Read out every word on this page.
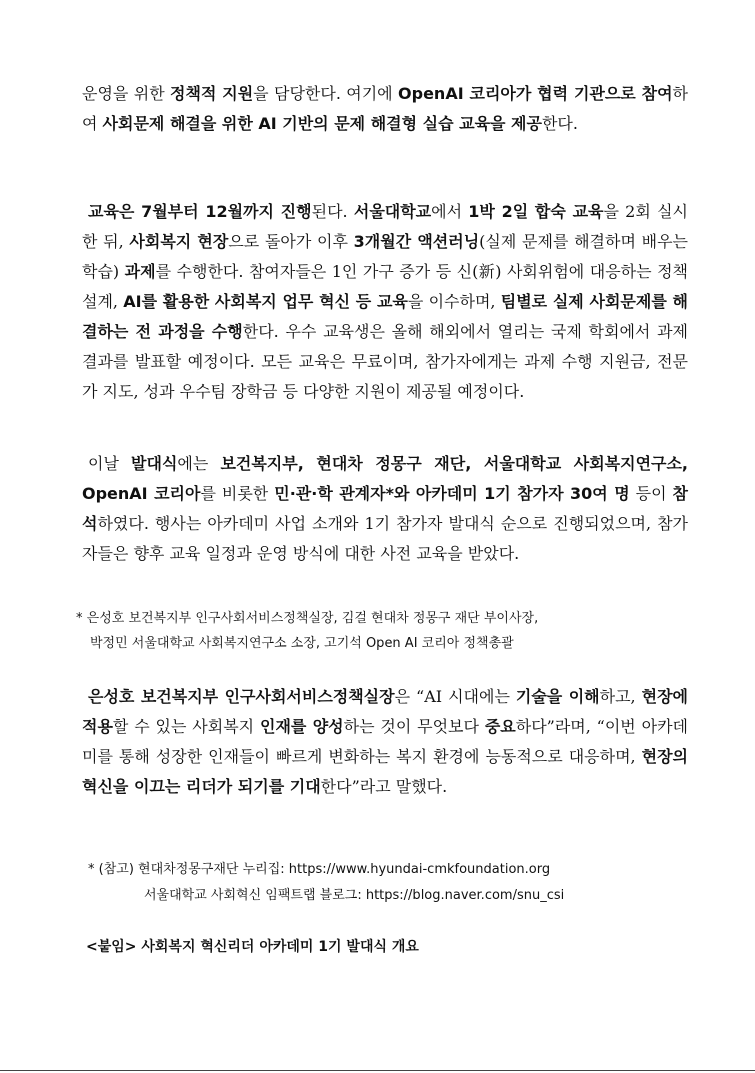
운영을 위한 정책적 지원을 담당한다. 여기에 OpenAI 코리아가 협력 기관으로 참여하여 사회문제 해결을 위한 AI 기반의 문제 해결형 실습 교육을 제공한다.

교육은 7월부터 12월까지 진행된다. 서울대학교에서 1박 2일 합숙 교육을 2회 실시한 뒤, 사회복지 현장으로 돌아가 이후 3개월간 액션러닝(실제 문제를 해결하며 배우는 학습) 과제를 수행한다. 참여자들은 1인 가구 증가 등 신(新) 사회위험에 대응하는 정책 설계, AI를 활용한 사회복지 업무 혁신 등 교육을 이수하며, 팀별로 실제 사회문제를 해결하는 전 과정을 수행한다. 우수 교육생은 올해 해외에서 열리는 국제 학회에서 과제 결과를 발표할 예정이다. 모든 교육은 무료이며, 참가자에게는 과제 수행 지원금, 전문가 지도, 성과 우수팀 장학금 등 다양한 지원이 제공될 예정이다.

이날 발대식에는 보건복지부, 현대차 정몽구 재단, 서울대학교 사회복지연구소, OpenAI 코리아를 비롯한 민·관·학 관계자*와 아카데미 1기 참가자 30여 명 등이 참석하였다. 행사는 아카데미 사업 소개와 1기 참가자 발대식 순으로 진행되었으며, 참가자들은 향후 교육 일정과 운영 방식에 대한 사전 교육을 받았다.

* 은성호 보건복지부 인구사회서비스정책실장, 김걸 현대차 정몽구 재단 부이사장,
박정민 서울대학교 사회복지연구소 소장, 고기석 Open AI 코리아 정책총괄

은성호 보건복지부 인구사회서비스정책실장은 “AI 시대에는 기술을 이해하고, 현장에 적용할 수 있는 사회복지 인재를 양성하는 것이 무엇보다 중요하다”라며, “이번 아카데미를 통해 성장한 인재들이 빠르게 변화하는 복지 환경에 능동적으로 대응하며, 현장의 혁신을 이끄는 리더가 되기를 기대한다”라고 말했다.

* (참고) 현대차정몽구재단 누리집: https://www.hyundai-cmkfoundation.org
서울대학교 사회혁신 임팩트랩 블로그: https://blog.naver.com/snu_csi

<붙임> 사회복지 혁신리더 아카데미 1기 발대식 개요
